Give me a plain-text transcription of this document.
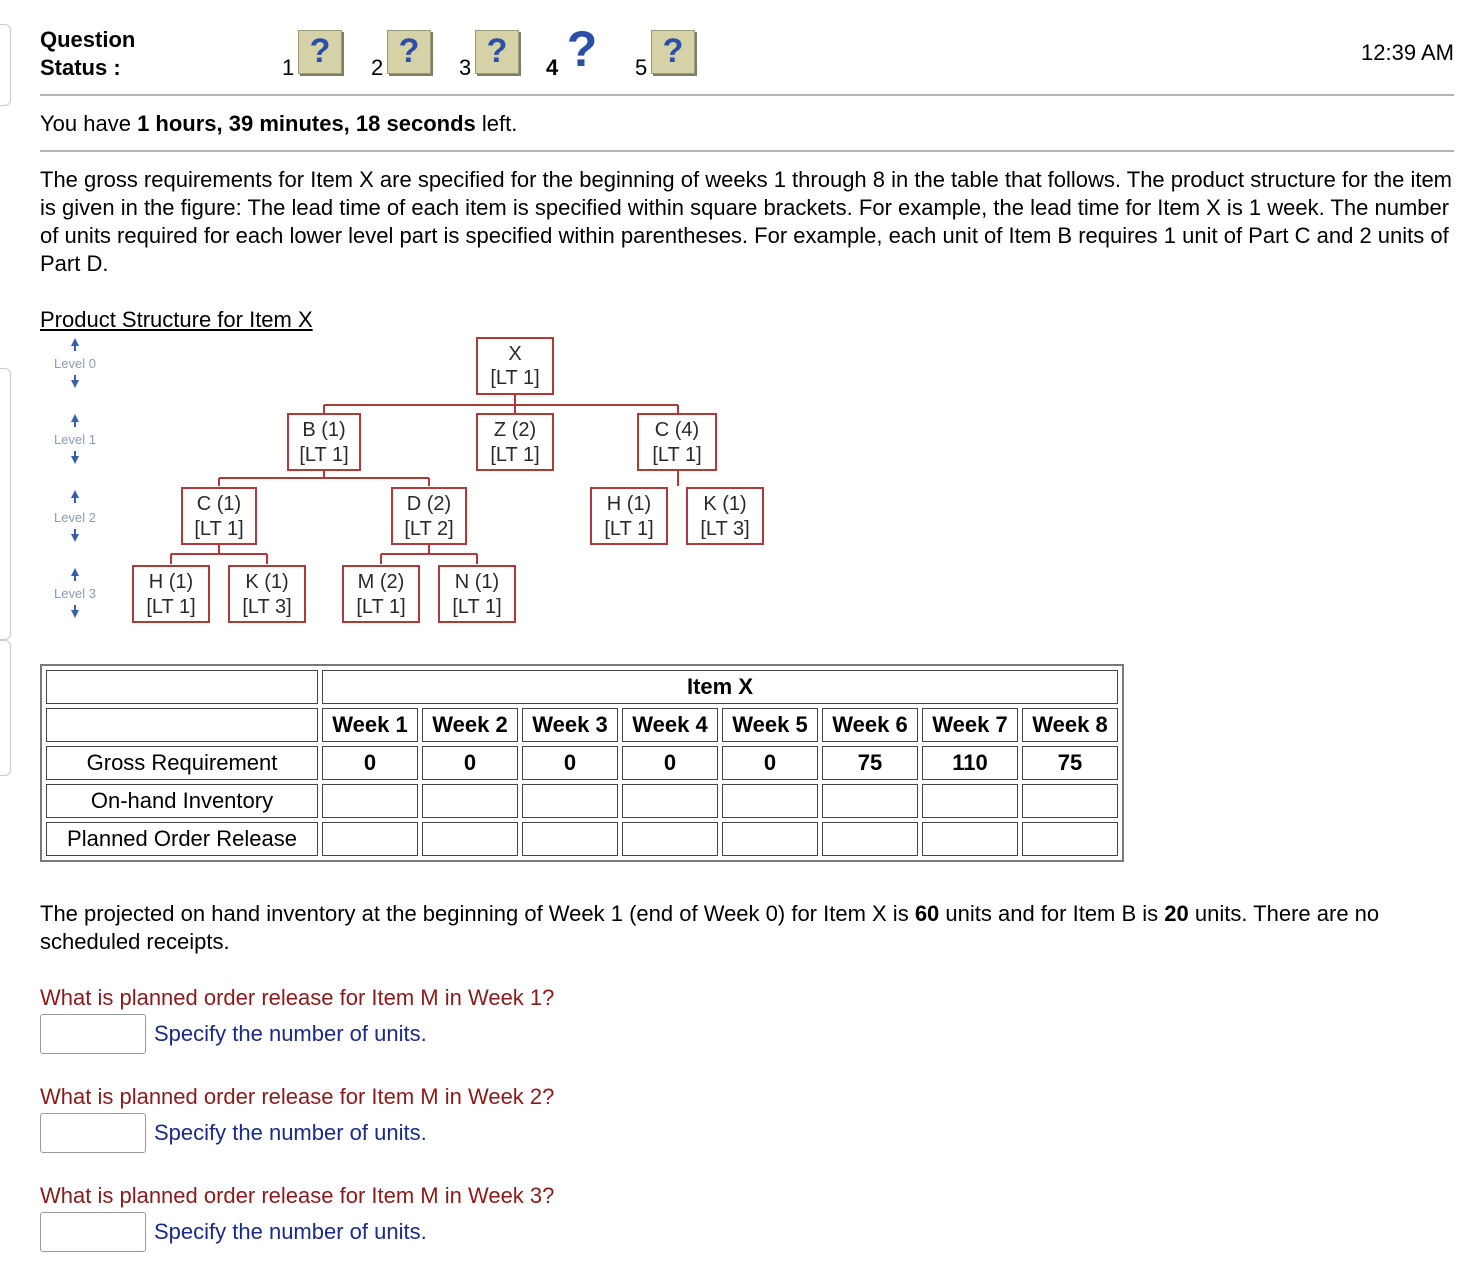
Question
Status :	1 ?	2 ?	3 ?	4 ?	5 ?	12:39 AM
You have 1 hours, 39 minutes, 18 seconds left.
The gross requirements for Item X are specified for the beginning of weeks 1 through 8 in the table that follows. The product structure for the item is given in the figure: The lead time of each item is specified within square brackets. For example, the lead time for Item X is 1 week. The number of units required for each lower level part is specified within parentheses. For example, each unit of Item B requires 1 unit of Part C and 2 units of Part D.
Product Structure for Item X
Level 0
Level 1
Level 2
Level 3
X
[LT 1]
B (1)
[LT 1]
Z (2)
[LT 1]
C (4)
[LT 1]
C (1)
[LT 1]
D (2)
[LT 2]
H (1)
[LT 1]
K (1)
[LT 3]
H (1)
[LT 1]
K (1)
[LT 3]
M (2)
[LT 1]
N (1)
[LT 1]
	Item X							
	Week 1	Week 2	Week 3	Week 4	Week 5	Week 6	Week 7	Week 8
Gross Requirement	0	0	0	0	0	75	110	75
On-hand Inventory								
Planned Order Release								
The projected on hand inventory at the beginning of Week 1 (end of Week 0) for Item X is 60 units and for Item B is 20 units. There are no scheduled receipts.
What is planned order release for Item M in Week 1?
Specify the number of units.
What is planned order release for Item M in Week 2?
Specify the number of units.
What is planned order release for Item M in Week 3?
Specify the number of units.
